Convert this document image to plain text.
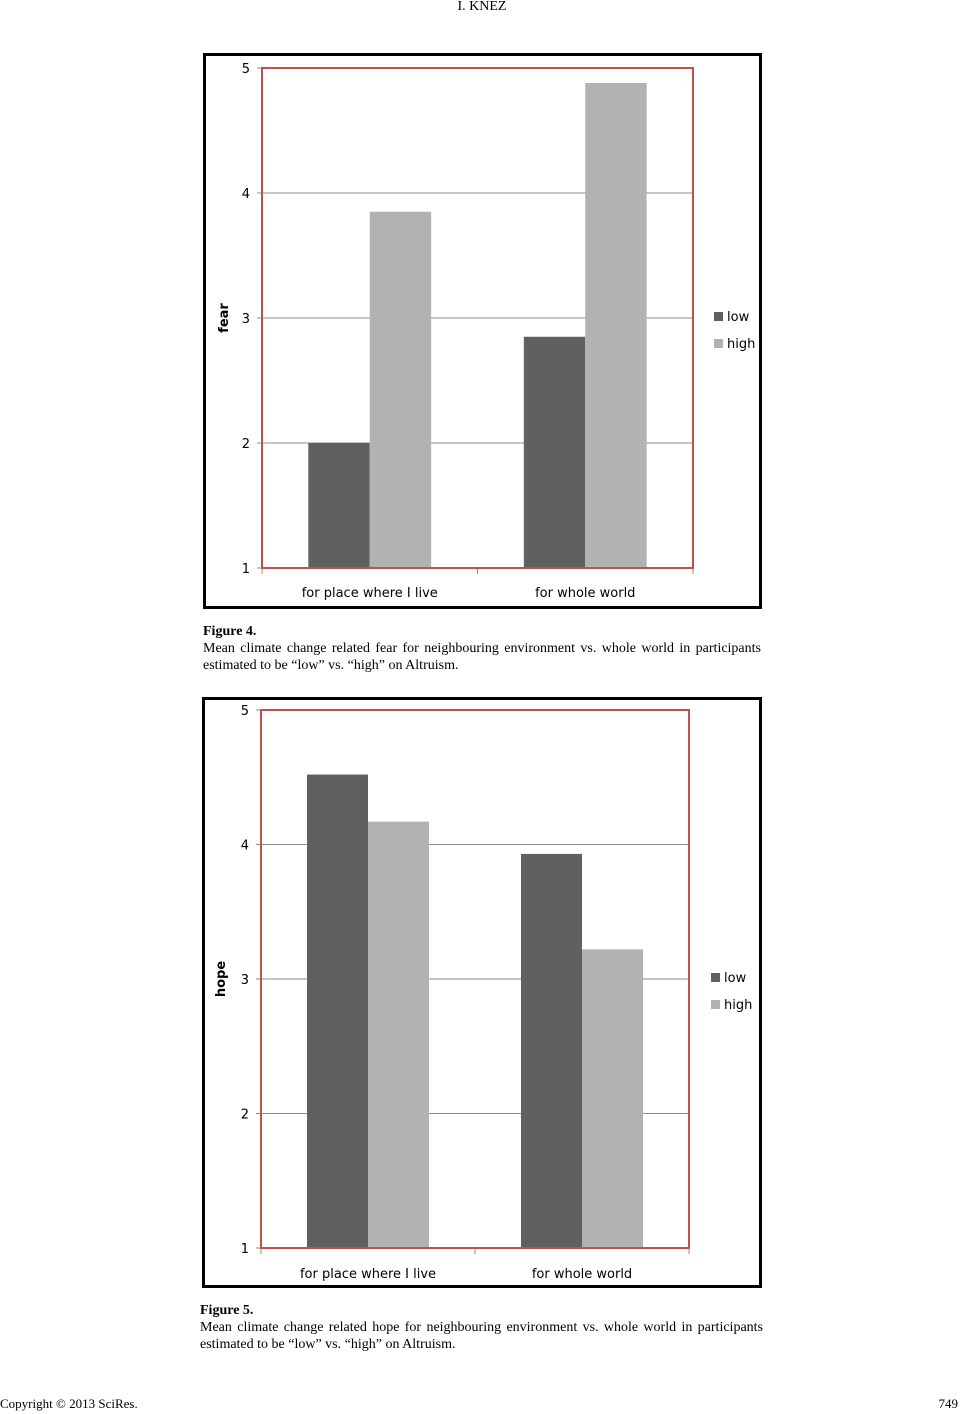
I. KNEZ
1
2
3
4
5
for place where I live	for whole world
fear	low
high
Figure 4.
Mean climate change related fear for neighbouring environment vs. whole world in participants estimated to be “low” vs. “high” on Altruism.
1
2
3
4
5
for place where I live	for whole world
hope	low
high
Figure 5.
Mean climate change related hope for neighbouring environment vs. whole world in participants estimated to be “low” vs. “high” on Altruism.
Copyright © 2013 SciRes.	749
